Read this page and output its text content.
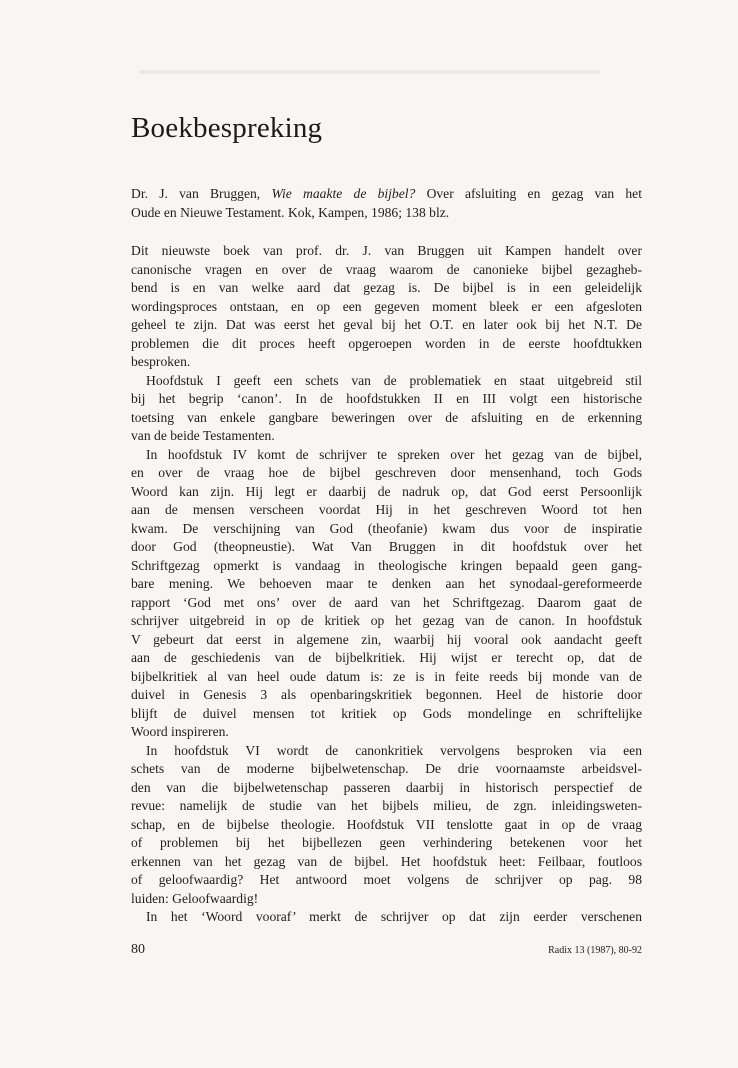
Boekbespreking
Dr. J. van Bruggen, Wie maakte de bijbel? Over afsluiting en gezag van het
Oude en Nieuwe Testament. Kok, Kampen, 1986; 138 blz.
Dit nieuwste boek van prof. dr. J. van Bruggen uit Kampen handelt over
canonische vragen en over de vraag waarom de canonieke bijbel gezagheb-
bend is en van welke aard dat gezag is. De bijbel is in een geleidelijk
wordingsproces ontstaan, en op een gegeven moment bleek er een afgesloten
geheel te zijn. Dat was eerst het geval bij het O.T. en later ook bij het N.T. De
problemen die dit proces heeft opgeroepen worden in de eerste hoofdtukken
besproken.
Hoofdstuk I geeft een schets van de problematiek en staat uitgebreid stil
bij het begrip ‘canon’. In de hoofdstukken II en III volgt een historische
toetsing van enkele gangbare beweringen over de afsluiting en de erkenning
van de beide Testamenten.
In hoofdstuk IV komt de schrijver te spreken over het gezag van de bijbel,
en over de vraag hoe de bijbel geschreven door mensenhand, toch Gods
Woord kan zijn. Hij legt er daarbij de nadruk op, dat God eerst Persoonlijk
aan de mensen verscheen voordat Hij in het geschreven Woord tot hen
kwam. De verschijning van God (theofanie) kwam dus voor de inspiratie
door God (theopneustie). Wat Van Bruggen in dit hoofdstuk over het
Schriftgezag opmerkt is vandaag in theologische kringen bepaald geen gang-
bare mening. We behoeven maar te denken aan het synodaal-gereformeerde
rapport ‘God met ons’ over de aard van het Schriftgezag. Daarom gaat de
schrijver uitgebreid in op de kritiek op het gezag van de canon. In hoofdstuk
V gebeurt dat eerst in algemene zin, waarbij hij vooral ook aandacht geeft
aan de geschiedenis van de bijbelkritiek. Hij wijst er terecht op, dat de
bijbelkritiek al van heel oude datum is: ze is in feite reeds bij monde van de
duivel in Genesis 3 als openbaringskritiek begonnen. Heel de historie door
blijft de duivel mensen tot kritiek op Gods mondelinge en schriftelijke
Woord inspireren.
In hoofdstuk VI wordt de canonkritiek vervolgens besproken via een
schets van de moderne bijbelwetenschap. De drie voornaamste arbeidsvel-
den van die bijbelwetenschap passeren daarbij in historisch perspectief de
revue: namelijk de studie van het bijbels milieu, de zgn. inleidingsweten-
schap, en de bijbelse theologie. Hoofdstuk VII tenslotte gaat in op de vraag
of problemen bij het bijbellezen geen verhindering betekenen voor het
erkennen van het gezag van de bijbel. Het hoofdstuk heet: Feilbaar, foutloos
of geloofwaardig? Het antwoord moet volgens de schrijver op pag. 98
luiden: Geloofwaardig!
In het ‘Woord vooraf’ merkt de schrijver op dat zijn eerder verschenen
80	Radix 13 (1987), 80-92
